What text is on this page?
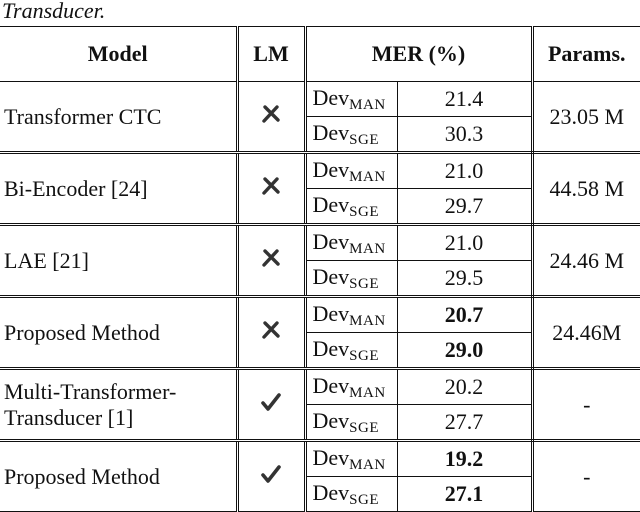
Transducer.
Model	LM	MER (%)		Params.
Transformer CTC		DevMAN	21.4	23.05 M
		DevSGE	30.3	
Bi-Encoder [24]		DevMAN	21.0	44.58 M
		DevSGE	29.7	
LAE [21]		DevMAN	21.0	24.46 M
		DevSGE	29.5	
Proposed Method		DevMAN	20.7	24.46M
		DevSGE	29.0	
Multi-Transformer-Transducer [1]		DevMAN	20.2	-
		DevSGE	27.7	
Proposed Method		DevMAN	19.2	-
		DevSGE	27.1	
